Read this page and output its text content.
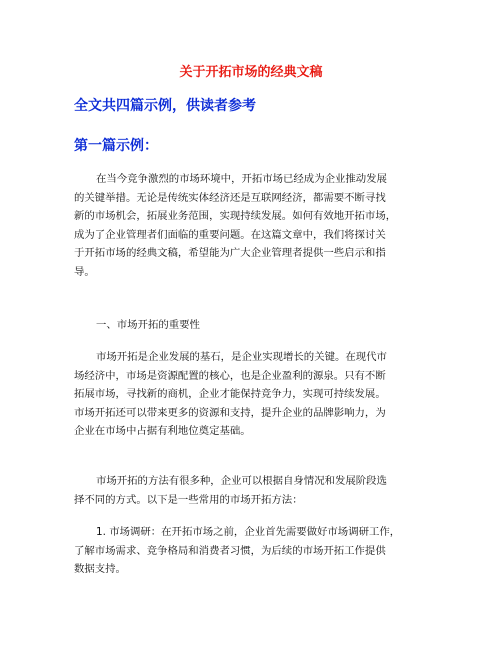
关于开拓市场的经典文稿
全文共四篇示例，供读者参考
第一篇示例：
在当今竞争激烈的市场环境中，开拓市场已经成为企业推动发展
的关键举措。无论是传统实体经济还是互联网经济，都需要不断寻找
新的市场机会，拓展业务范围，实现持续发展。如何有效地开拓市场，
成为了企业管理者们面临的重要问题。在这篇文章中，我们将探讨关
于开拓市场的经典文稿，希望能为广大企业管理者提供一些启示和指
导。
一、市场开拓的重要性
市场开拓是企业发展的基石，是企业实现增长的关键。在现代市
场经济中，市场是资源配置的核心，也是企业盈利的源泉。只有不断
拓展市场，寻找新的商机，企业才能保持竞争力，实现可持续发展。
市场开拓还可以带来更多的资源和支持，提升企业的品牌影响力，为
企业在市场中占据有利地位奠定基础。
市场开拓的方法有很多种，企业可以根据自身情况和发展阶段选
择不同的方式。以下是一些常用的市场开拓方法：
1. 市场调研：在开拓市场之前，企业首先需要做好市场调研工作，
了解市场需求、竞争格局和消费者习惯，为后续的市场开拓工作提供
数据支持。
